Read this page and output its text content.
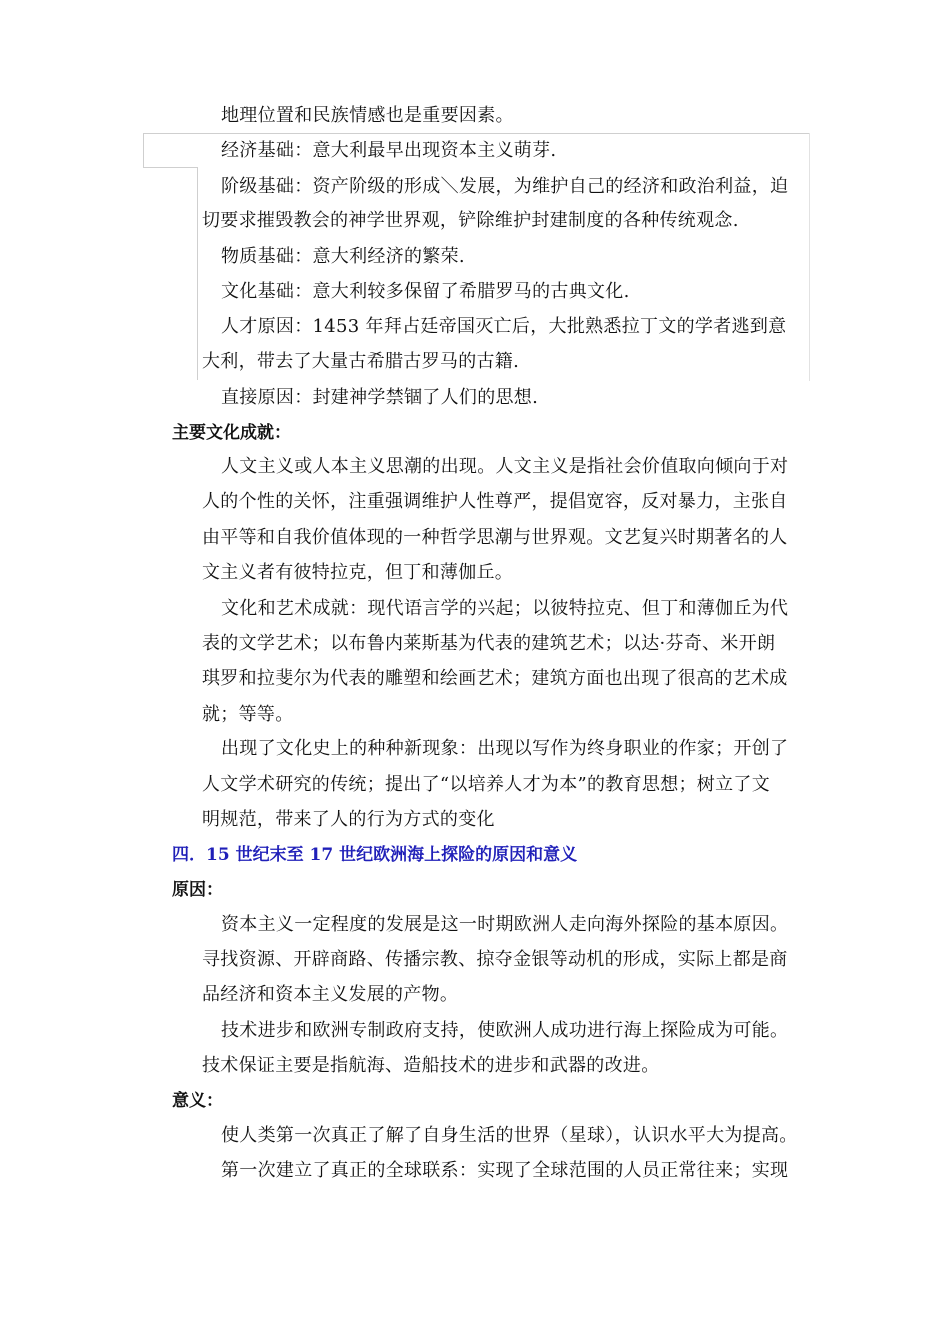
地理位置和民族情感也是重要因素。
经济基础：意大利最早出现资本主义萌芽.
阶级基础：资产阶级的形成＼发展，为维护自己的经济和政治利益，迫
切要求摧毁教会的神学世界观，铲除维护封建制度的各种传统观念.
物质基础：意大利经济的繁荣.
文化基础：意大利较多保留了希腊罗马的古典文化.
人才原因：1453 年拜占廷帝国灭亡后，大批熟悉拉丁文的学者逃到意
大利，带去了大量古希腊古罗马的古籍.
直接原因：封建神学禁锢了人们的思想.
主要文化成就：
人文主义或人本主义思潮的出现。人文主义是指社会价值取向倾向于对
人的个性的关怀，注重强调维护人性尊严，提倡宽容，反对暴力，主张自
由平等和自我价值体现的一种哲学思潮与世界观。文艺复兴时期著名的人
文主义者有彼特拉克，但丁和薄伽丘。
文化和艺术成就：现代语言学的兴起；以彼特拉克、但丁和薄伽丘为代
表的文学艺术；以布鲁内莱斯基为代表的建筑艺术；以达·芬奇、米开朗
琪罗和拉斐尔为代表的雕塑和绘画艺术；建筑方面也出现了很高的艺术成
就；等等。
出现了文化史上的种种新现象：出现以写作为终身职业的作家；开创了
人文学术研究的传统；提出了“以培养人才为本”的教育思想；树立了文
明规范，带来了人的行为方式的变化
四．15 世纪末至 17 世纪欧洲海上探险的原因和意义
原因：
资本主义一定程度的发展是这一时期欧洲人走向海外探险的基本原因。
寻找资源、开辟商路、传播宗教、掠夺金银等动机的形成，实际上都是商
品经济和资本主义发展的产物。
技术进步和欧洲专制政府支持，使欧洲人成功进行海上探险成为可能。
技术保证主要是指航海、造船技术的进步和武器的改进。
意义：
使人类第一次真正了解了自身生活的世界（星球），认识水平大为提高。
第一次建立了真正的全球联系：实现了全球范围的人员正常往来；实现
